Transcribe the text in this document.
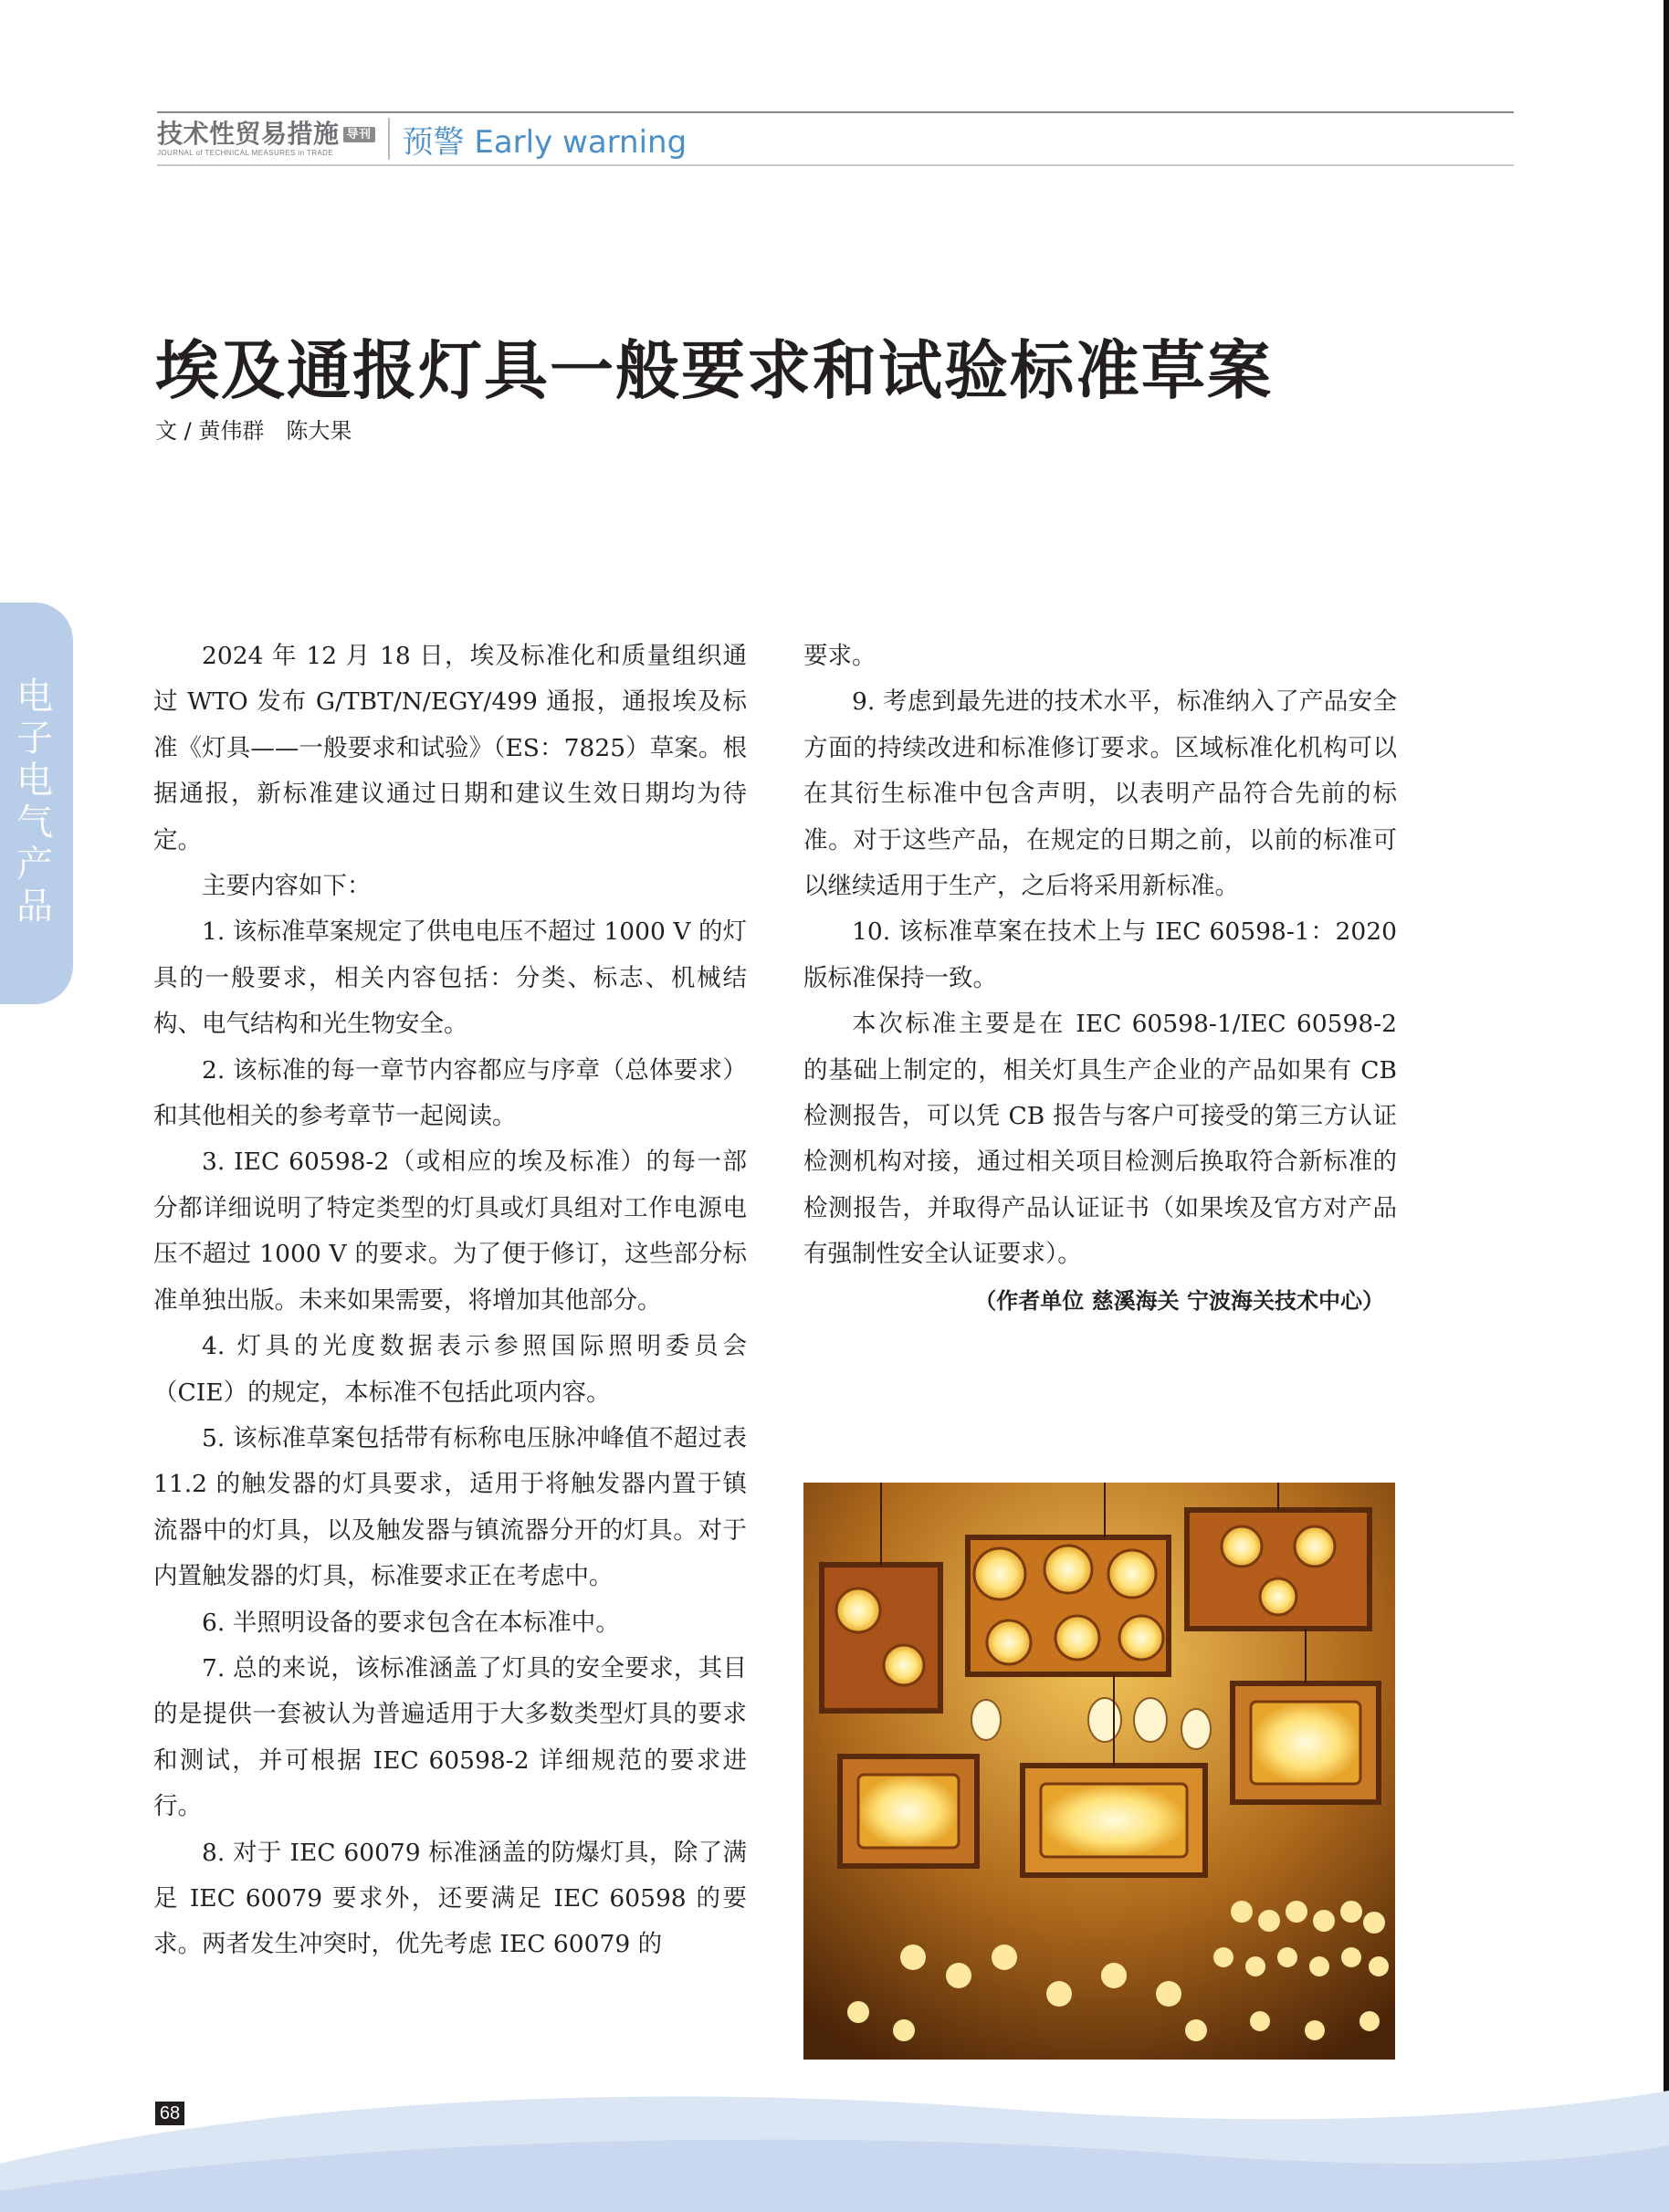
技术性贸易措施 导刊
JOURNAL of TECHNICAL MEASURES in TRADE	预警 Early warning
电子电气产品
埃及通报灯具一般要求和试验标准草案
文 / 黄伟群　陈大果

2024 年 12 月 18 日，埃及标准化和质量组织通过 WTO 发布 G/TBT/N/EGY/499 通报，通报埃及标准《灯具——一般要求和试验》（ES：7825）草案。根据通报，新标准建议通过日期和建议生效日期均为待定。

主要内容如下：

1. 该标准草案规定了供电电压不超过 1000 V 的灯具的一般要求，相关内容包括：分类、标志、机械结构、电气结构和光生物安全。

2. 该标准的每一章节内容都应与序章（总体要求）和其他相关的参考章节一起阅读。

3. IEC 60598-2（或相应的埃及标准）的每一部分都详细说明了特定类型的灯具或灯具组对工作电源电压不超过 1000 V 的要求。为了便于修订，这些部分标准单独出版。未来如果需要，将增加其他部分。

4. 灯具的光度数据表示参照国际照明委员会（CIE）的规定，本标准不包括此项内容。

5. 该标准草案包括带有标称电压脉冲峰值不超过表 11.2 的触发器的灯具要求，适用于将触发器内置于镇流器中的灯具，以及触发器与镇流器分开的灯具。对于内置触发器的灯具，标准要求正在考虑中。

6. 半照明设备的要求包含在本标准中。

7. 总的来说，该标准涵盖了灯具的安全要求，其目的是提供一套被认为普遍适用于大多数类型灯具的要求和测试，并可根据 IEC 60598-2 详细规范的要求进行。

8. 对于 IEC 60079 标准涵盖的防爆灯具，除了满足 IEC 60079 要求外，还要满足 IEC 60598 的要求。两者发生冲突时，优先考虑 IEC 60079 的

要求。

9. 考虑到最先进的技术水平，标准纳入了产品安全方面的持续改进和标准修订要求。区域标准化机构可以在其衍生标准中包含声明，以表明产品符合先前的标准。对于这些产品，在规定的日期之前，以前的标准可以继续适用于生产，之后将采用新标准。

10. 该标准草案在技术上与 IEC 60598-1：2020 版标准保持一致。

本次标准主要是在 IEC 60598-1/IEC 60598-2 的基础上制定的，相关灯具生产企业的产品如果有 CB 检测报告，可以凭 CB 报告与客户可接受的第三方认证检测机构对接，通过相关项目检测后换取符合新标准的检测报告，并取得产品认证证书（如果埃及官方对产品有强制性安全认证要求）。

（作者单位 慈溪海关 宁波海关技术中心）
68
